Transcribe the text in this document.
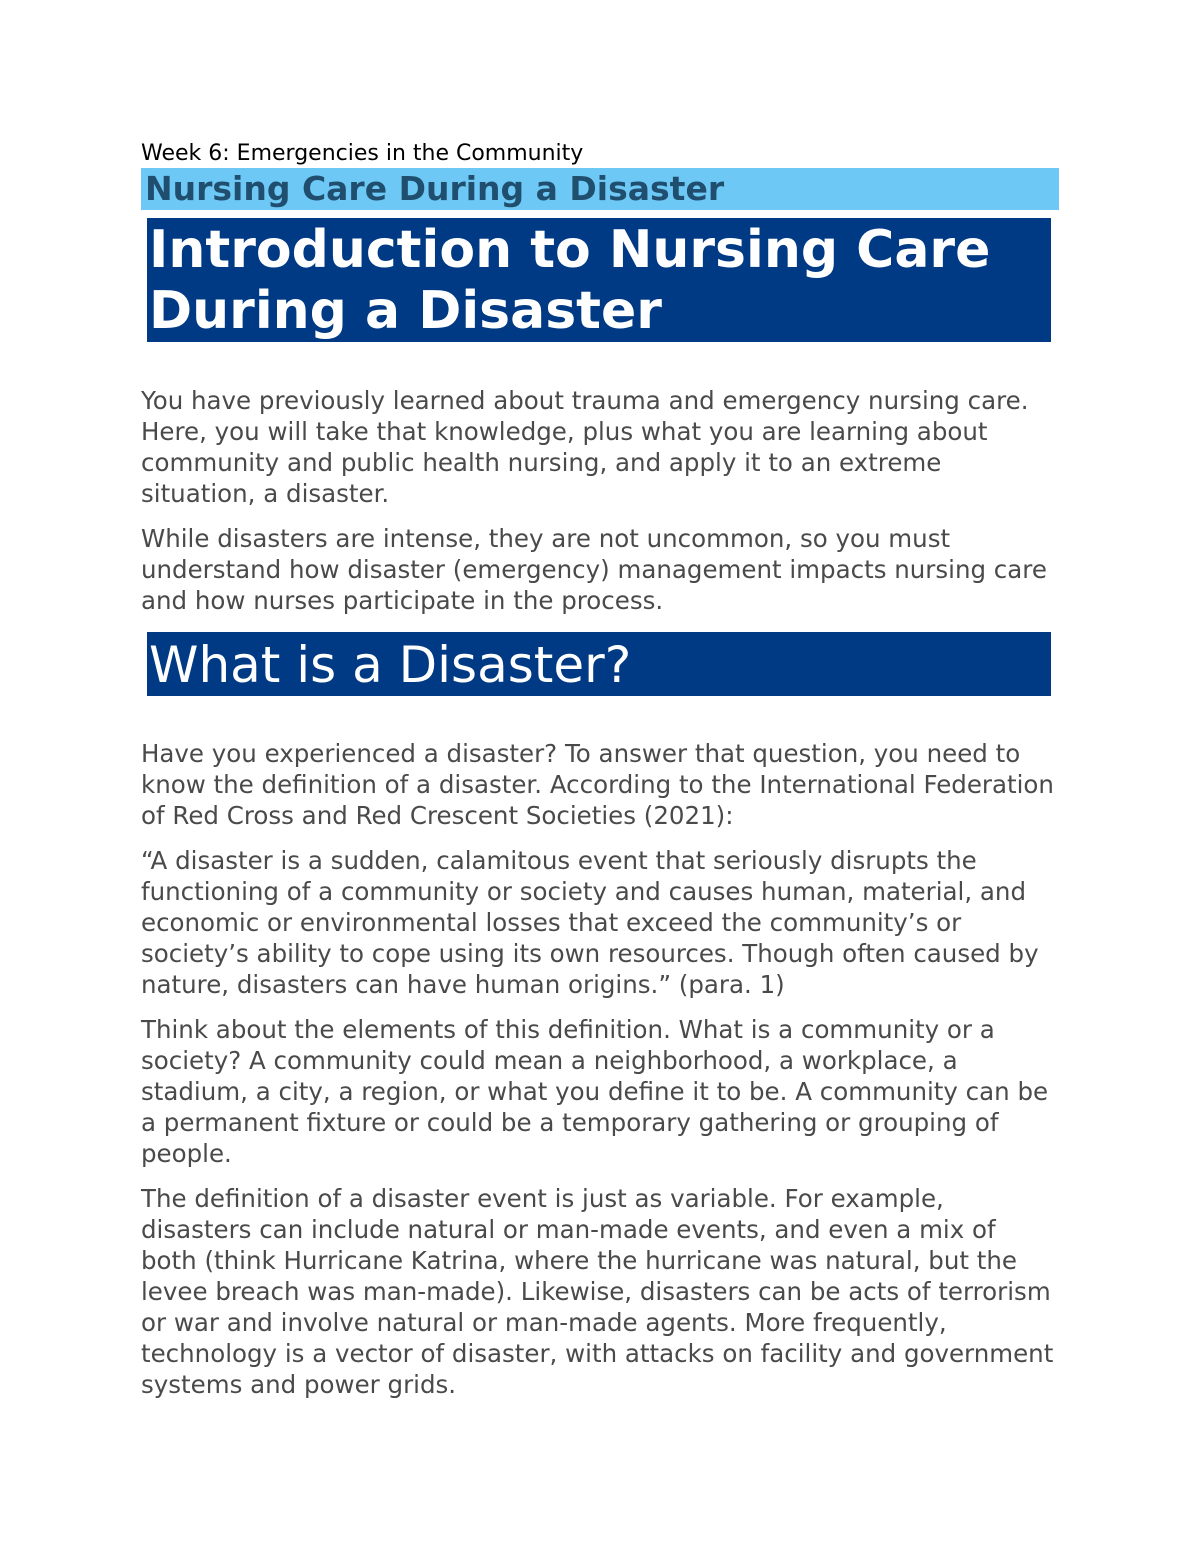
Week 6: Emergencies in the Community

Nursing Care During a Disaster
Introduction to Nursing Care During a Disaster

You have previously learned about trauma and emergency nursing care. Here, you will take that knowledge, plus what you are learning about community and public health nursing, and apply it to an extreme situation, a disaster.

While disasters are intense, they are not uncommon, so you must understand how disaster (emergency) management impacts nursing care and how nurses participate in the process.

What is a Disaster?

Have you experienced a disaster? To answer that question, you need to know the definition of a disaster. According to the International Federation of Red Cross and Red Crescent Societies (2021):

“A disaster is a sudden, calamitous event that seriously disrupts the functioning of a community or society and causes human, material, and economic or environmental losses that exceed the community’s or society’s ability to cope using its own resources. Though often caused by nature, disasters can have human origins.” (para. 1)

Think about the elements of this definition. What is a community or a society? A community could mean a neighborhood, a workplace, a stadium, a city, a region, or what you define it to be. A community can be a permanent fixture or could be a temporary gathering or grouping of people.

The definition of a disaster event is just as variable. For example, disasters can include natural or man-made events, and even a mix of both (think Hurricane Katrina, where the hurricane was natural, but the levee breach was man-made). Likewise, disasters can be acts of terrorism or war and involve natural or man-made agents. More frequently, technology is a vector of disaster, with attacks on facility and government systems and power grids.
